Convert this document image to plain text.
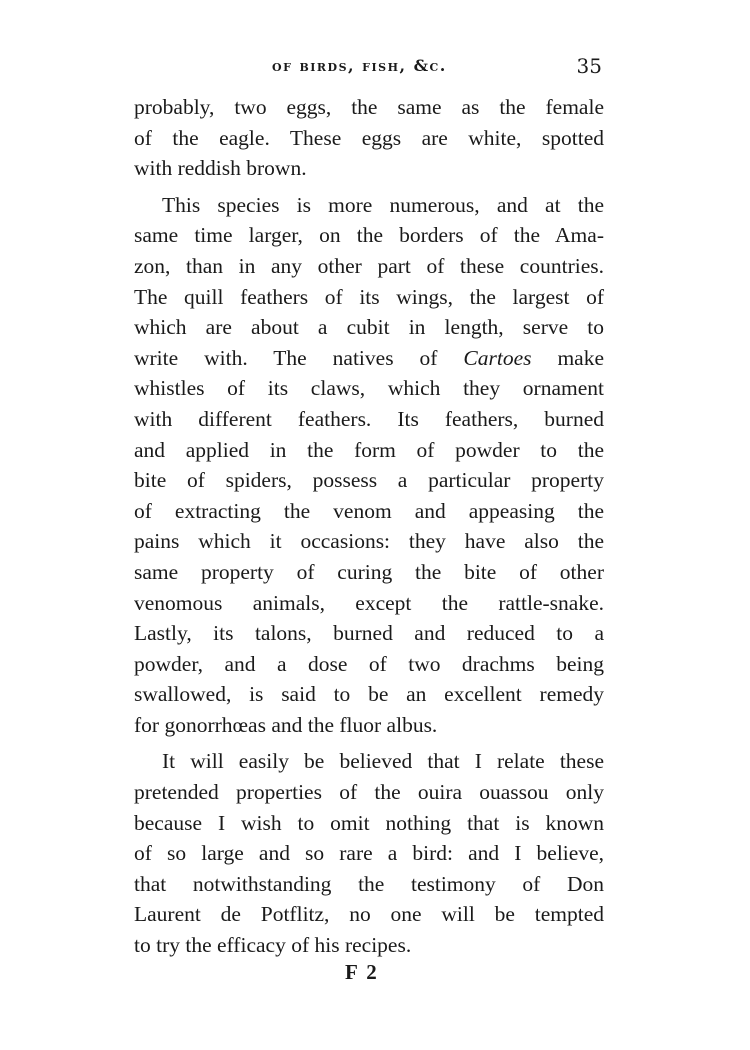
of birds, fish, &c.	35

probably, two eggs, the same as the female
of the eagle. These eggs are white, spotted
with reddish brown.

This species is more numerous, and at the
same time larger, on the borders of the Ama-
zon, than in any other part of these countries.
The quill feathers of its wings, the largest of
which are about a cubit in length, serve to
write with. The natives of Cartoes make
whistles of its claws, which they ornament
with different feathers. Its feathers, burned
and applied in the form of powder to the
bite of spiders, possess a particular property
of extracting the venom and appeasing the
pains which it occasions: they have also the
same property of curing the bite of other
venomous animals, except the rattle-snake.
Lastly, its talons, burned and reduced to a
powder, and a dose of two drachms being
swallowed, is said to be an excellent remedy
for gonorrhœas and the fluor albus.

It will easily be believed that I relate these
pretended properties of the ouira ouassou only
because I wish to omit nothing that is known
of so large and so rare a bird: and I believe,
that notwithstanding the testimony of Don
Laurent de Potflitz, no one will be tempted
to try the efficacy of his recipes.

F 2
